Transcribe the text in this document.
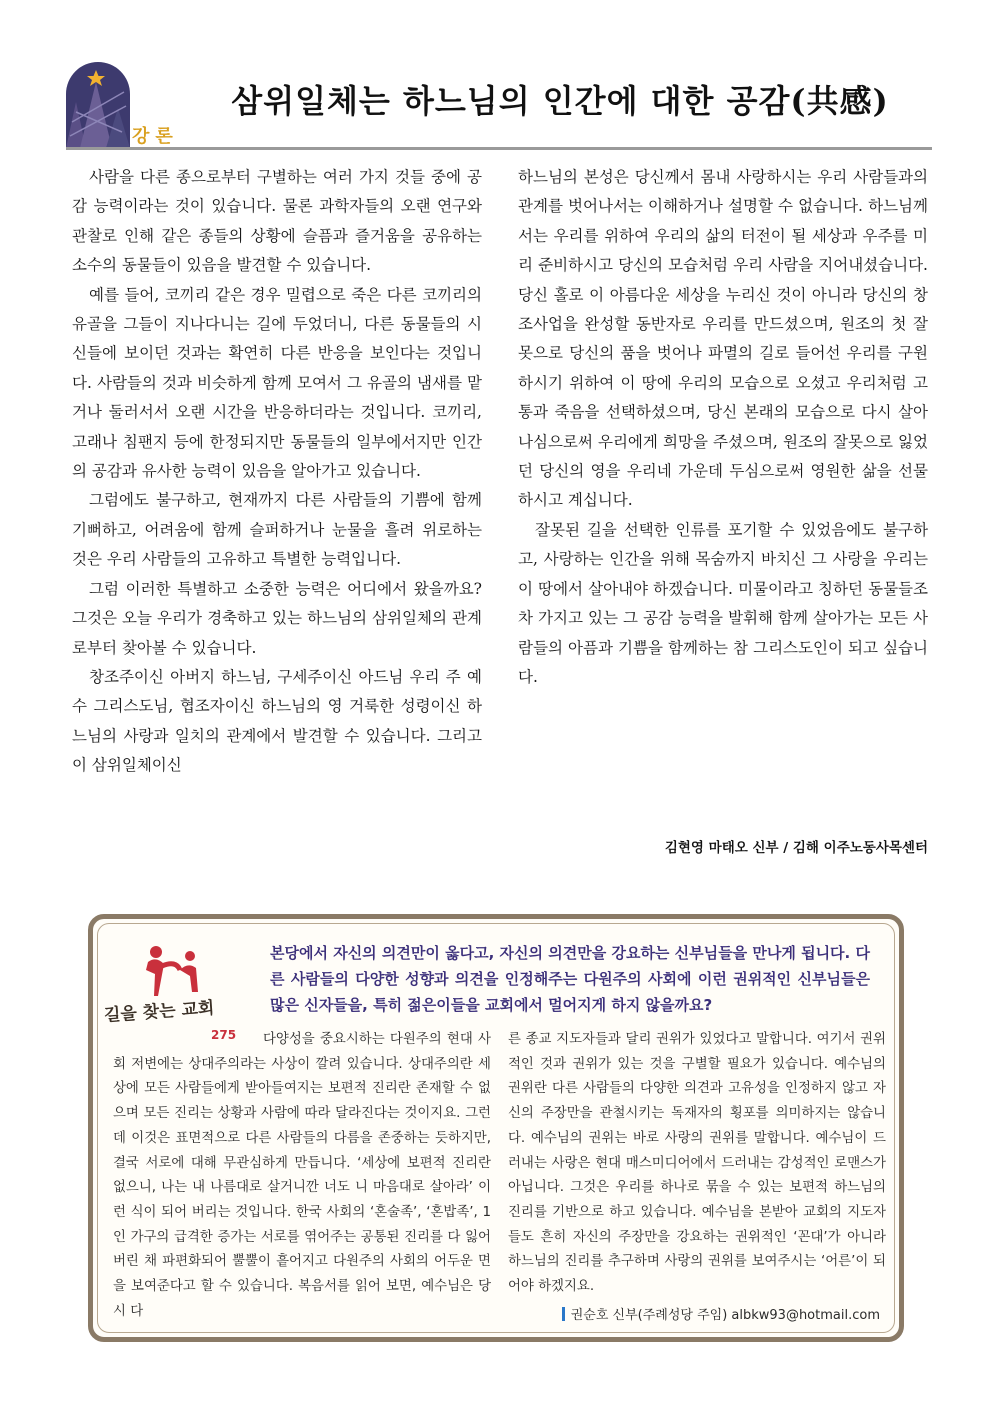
강론
삼위일체는 하느님의 인간에 대한 공감(共感)

사람을 다른 종으로부터 구별하는 여러 가지 것들 중에 공감 능력이라는 것이 있습니다. 물론 과학자들의 오랜 연구와 관찰로 인해 같은 종들의 상황에 슬픔과 즐거움을 공유하는 소수의 동물들이 있음을 발견할 수 있습니다.

예를 들어, 코끼리 같은 경우 밀렵으로 죽은 다른 코끼리의 유골을 그들이 지나다니는 길에 두었더니, 다른 동물들의 시신들에 보이던 것과는 확연히 다른 반응을 보인다는 것입니다. 사람들의 것과 비슷하게 함께 모여서 그 유골의 냄새를 맡거나 둘러서서 오랜 시간을 반응하더라는 것입니다. 코끼리, 고래나 침팬지 등에 한정되지만 동물들의 일부에서지만 인간의 공감과 유사한 능력이 있음을 알아가고 있습니다.

그럼에도 불구하고, 현재까지 다른 사람들의 기쁨에 함께 기뻐하고, 어려움에 함께 슬퍼하거나 눈물을 흘려 위로하는 것은 우리 사람들의 고유하고 특별한 능력입니다.

그럼 이러한 특별하고 소중한 능력은 어디에서 왔을까요? 그것은 오늘 우리가 경축하고 있는 하느님의 삼위일체의 관계로부터 찾아볼 수 있습니다.

창조주이신 아버지 하느님, 구세주이신 아드님 우리 주 예수 그리스도님, 협조자이신 하느님의 영 거룩한 성령이신 하느님의 사랑과 일치의 관계에서 발견할 수 있습니다. 그리고 이 삼위일체이신

하느님의 본성은 당신께서 몸내 사랑하시는 우리 사람들과의 관계를 벗어나서는 이해하거나 설명할 수 없습니다. 하느님께서는 우리를 위하여 우리의 삶의 터전이 될 세상과 우주를 미리 준비하시고 당신의 모습처럼 우리 사람을 지어내셨습니다. 당신 홀로 이 아름다운 세상을 누리신 것이 아니라 당신의 창조사업을 완성할 동반자로 우리를 만드셨으며, 원조의 첫 잘못으로 당신의 품을 벗어나 파멸의 길로 들어선 우리를 구원하시기 위하여 이 땅에 우리의 모습으로 오셨고 우리처럼 고통과 죽음을 선택하셨으며, 당신 본래의 모습으로 다시 살아나심으로써 우리에게 희망을 주셨으며, 원조의 잘못으로 잃었던 당신의 영을 우리네 가운데 두심으로써 영원한 삶을 선물하시고 계십니다.

잘못된 길을 선택한 인류를 포기할 수 있었음에도 불구하고, 사랑하는 인간을 위해 목숨까지 바치신 그 사랑을 우리는 이 땅에서 살아내야 하겠습니다. 미물이라고 칭하던 동물들조차 가지고 있는 그 공감 능력을 발휘해 함께 살아가는 모든 사람들의 아픔과 기쁨을 함께하는 참 그리스도인이 되고 싶습니다.

김현영 마태오 신부 / 김해 이주노동사목센터
길을 찾는 교회
275
본당에서 자신의 의견만이 옳다고, 자신의 의견만을 강요하는 신부님들을 만나게 됩니다. 다른 사람들의 다양한 성향과 의견을 인정해주는 다원주의 사회에 이런 권위적인 신부님들은 많은 신자들을, 특히 젊은이들을 교회에서 멀어지게 하지 않을까요?

다양성을 중요시하는 다원주의 현대 사회 저변에는 상대주의라는 사상이 깔려 있습니다. 상대주의란 세상에 모든 사람들에게 받아들여지는 보편적 진리란 존재할 수 없으며 모든 진리는 상황과 사람에 따라 달라진다는 것이지요. 그런데 이것은 표면적으로 다른 사람들의 다름을 존중하는 듯하지만, 결국 서로에 대해 무관심하게 만듭니다. ‘세상에 보편적 진리란 없으니, 나는 내 나름대로 살거니깐 너도 니 마음대로 살아라’ 이런 식이 되어 버리는 것입니다. 한국 사회의 ‘혼술족’, ‘혼밥족’, 1인 가구의 급격한 증가는 서로를 엮어주는 공통된 진리를 다 잃어버린 채 파편화되어 뿔뿔이 흩어지고 다원주의 사회의 어두운 면을 보여준다고 할 수 있습니다. 복음서를 읽어 보면, 예수님은 당시 다

른 종교 지도자들과 달리 권위가 있었다고 말합니다. 여기서 권위적인 것과 권위가 있는 것을 구별할 필요가 있습니다. 예수님의 권위란 다른 사람들의 다양한 의견과 고유성을 인정하지 않고 자신의 주장만을 관철시키는 독재자의 횡포를 의미하지는 않습니다. 예수님의 권위는 바로 사랑의 권위를 말합니다. 예수님이 드러내는 사랑은 현대 매스미디어에서 드러내는 감성적인 로맨스가 아닙니다. 그것은 우리를 하나로 묶을 수 있는 보편적 하느님의 진리를 기반으로 하고 있습니다. 예수님을 본받아 교회의 지도자들도 흔히 자신의 주장만을 강요하는 권위적인 ‘꼰대’가 아니라 하느님의 진리를 추구하며 사랑의 권위를 보여주시는 ‘어른’이 되어야 하겠지요.

권순호 신부(주례성당 주임) albkw93@hotmail.com
